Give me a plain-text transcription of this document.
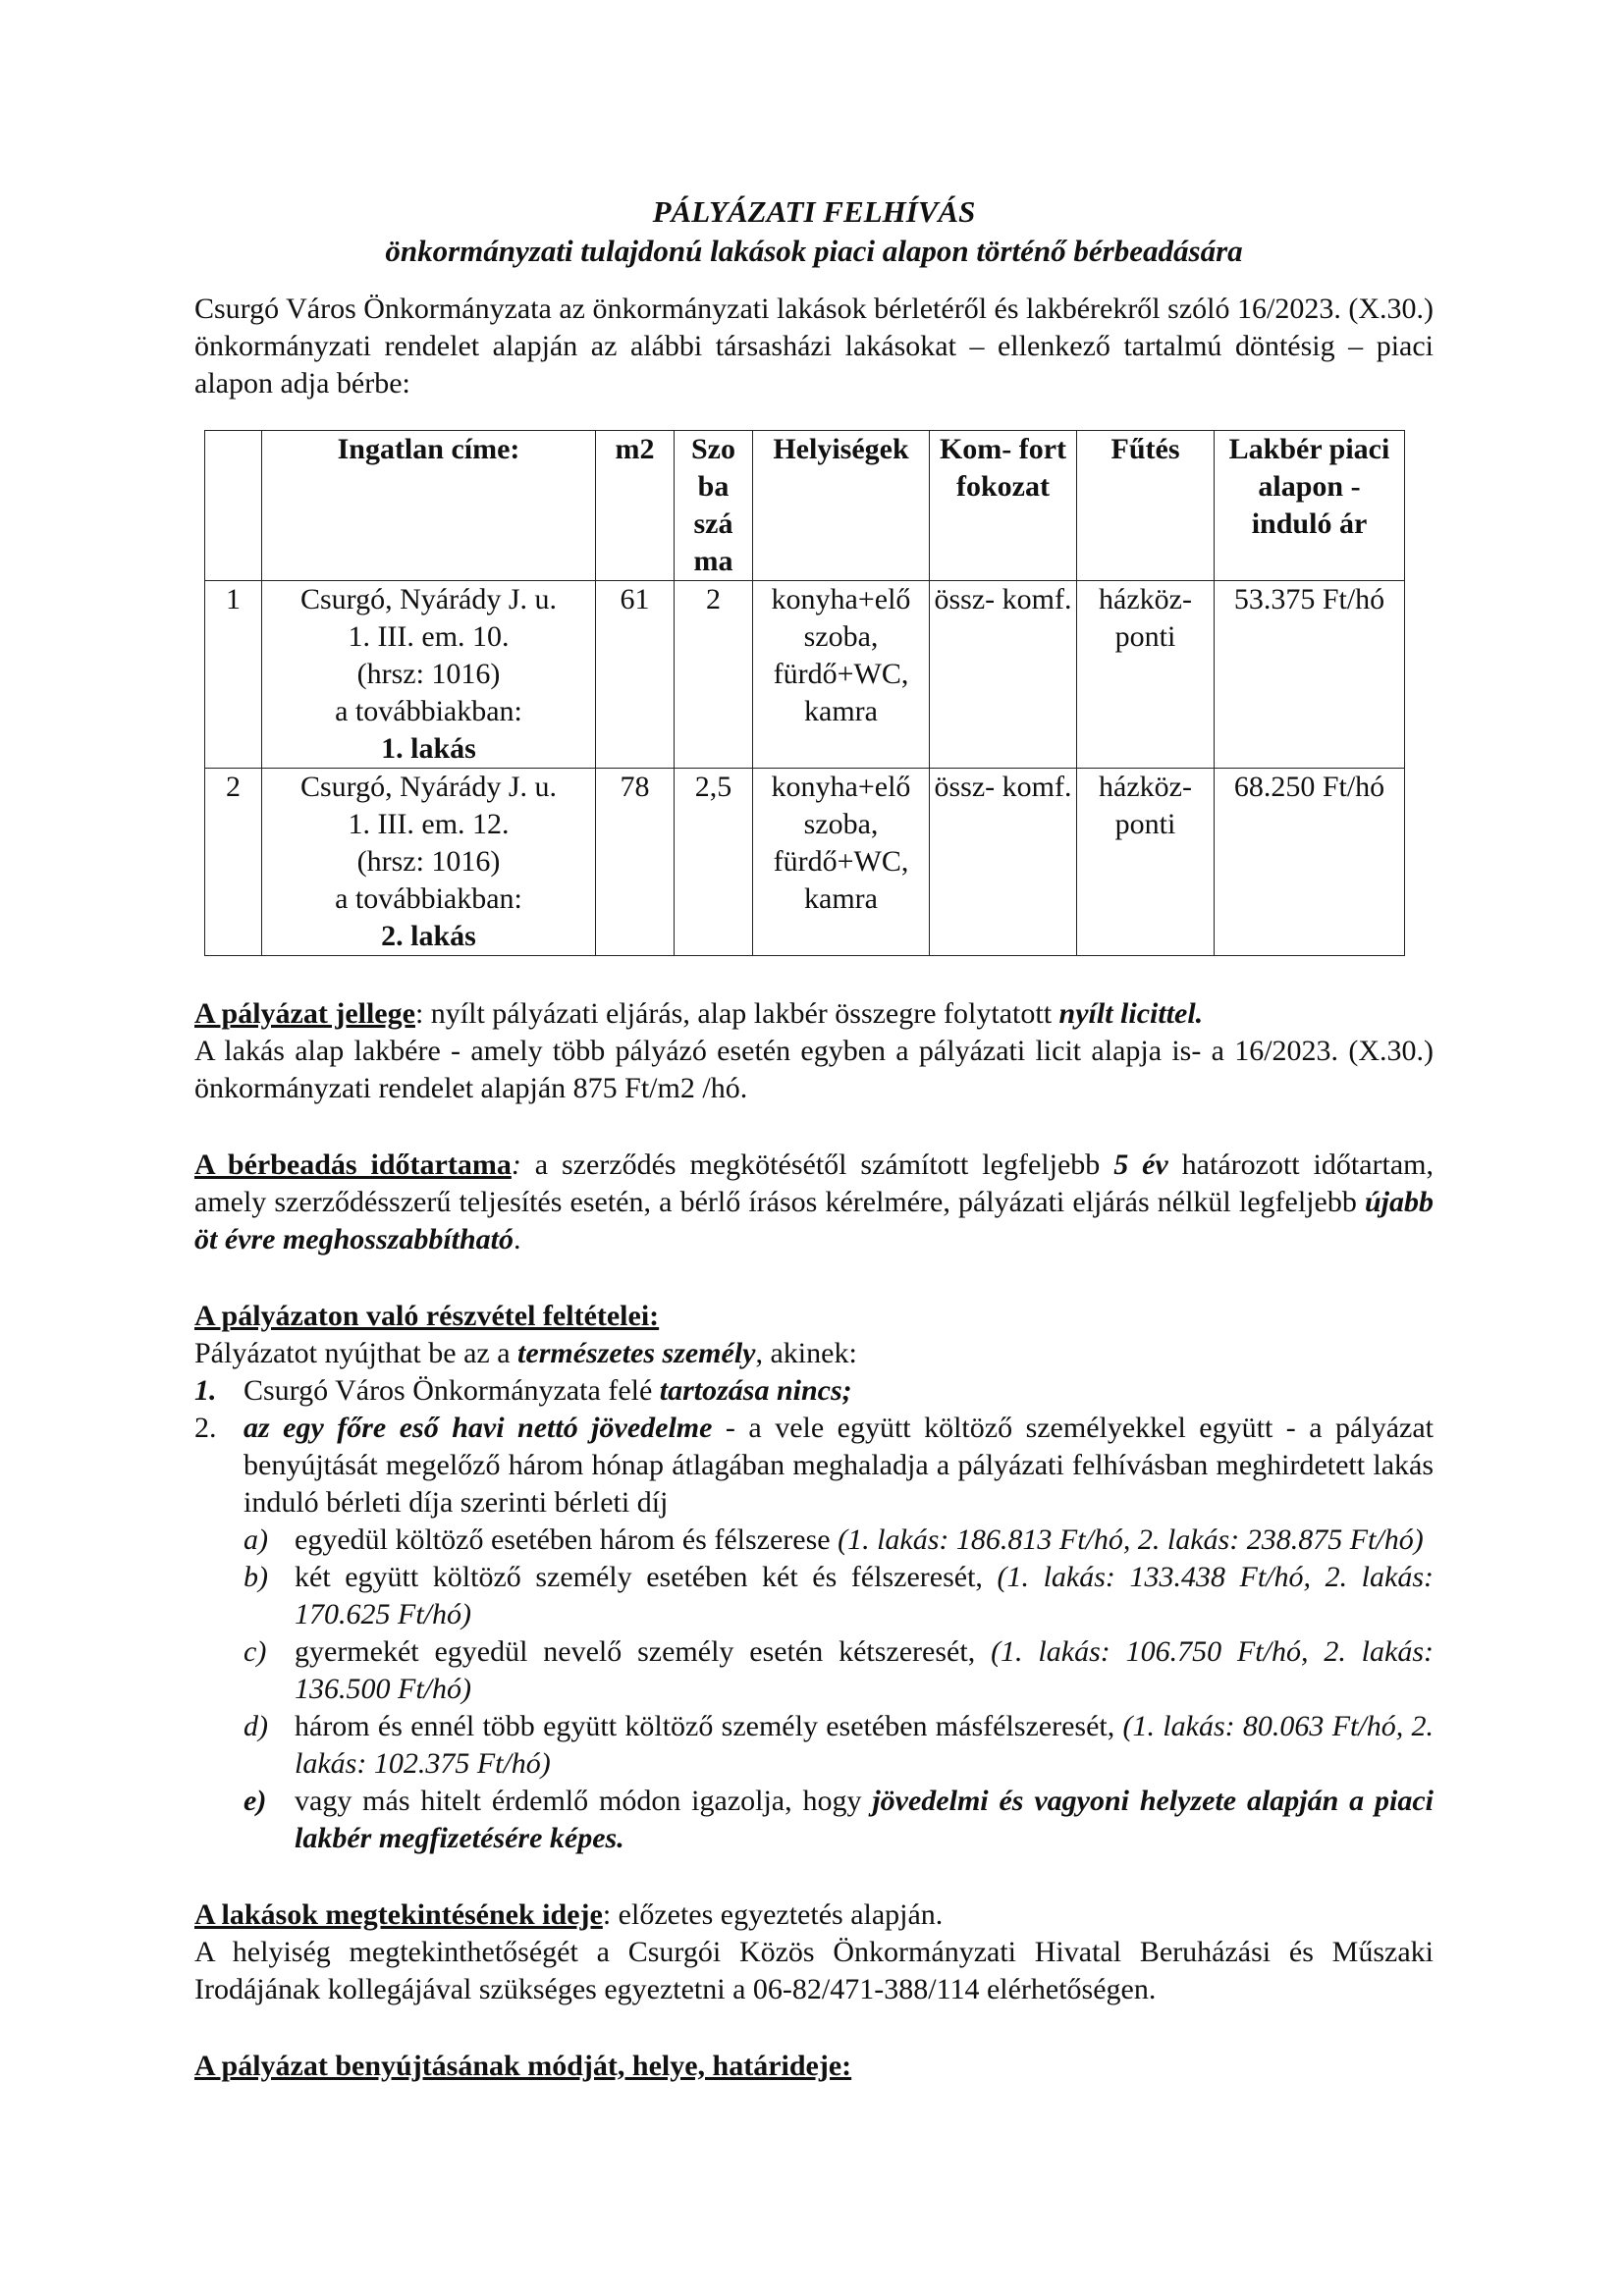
PÁLYÁZATI FELHÍVÁS
önkormányzati tulajdonú lakások piaci alapon történő bérbeadására

Csurgó Város Önkormányzata az önkormányzati lakások bérletéről és lakbérekről szóló 16/2023. (X.30.) önkormányzati rendelet alapján az alábbi társasházi lakásokat – ellenkező tartalmú döntésig – piaci alapon adja bérbe:

	Ingatlan címe:	m2	Szo ba szá ma	Helyiségek	Kom- fort fokozat	Fűtés	Lakbér piaci alapon - induló ár
1	Csurgó, Nyárády J. u.
1. III. em. 10.
(hrsz: 1016)
a továbbiakban:
1. lakás	61	2	konyha+elő szoba, fürdő+WC, kamra	össz- komf.	házköz- ponti	53.375 Ft/hó
2	Csurgó, Nyárády J. u.
1. III. em. 12.
(hrsz: 1016)
a továbbiakban:
2. lakás	78	2,5	konyha+elő szoba, fürdő+WC, kamra	össz- komf.	házköz- ponti	68.250 Ft/hó

A pályázat jellege: nyílt pályázati eljárás, alap lakbér összegre folytatott nyílt licittel.

A lakás alap lakbére - amely több pályázó esetén egyben a pályázati licit alapja is- a 16/2023. (X.30.) önkormányzati rendelet alapján 875 Ft/m2 /hó.

A bérbeadás időtartama: a szerződés megkötésétől számított legfeljebb 5 év határozott időtartam, amely szerződésszerű teljesítés esetén, a bérlő írásos kérelmére, pályázati eljárás nélkül legfeljebb újabb öt évre meghosszabbítható.

A pályázaton való részvétel feltételei:

Pályázatot nyújthat be az a természetes személy, akinek:

1. Csurgó Város Önkormányzata felé tartozása nincs;
2. az egy főre eső havi nettó jövedelme - a vele együtt költöző személyekkel együtt - a pályázat benyújtását megelőző három hónap átlagában meghaladja a pályázati felhívásban meghirdetett lakás induló bérleti díja szerinti bérleti díj
a) egyedül költöző esetében három és félszerese (1. lakás: 186.813 Ft/hó, 2. lakás: 238.875 Ft/hó)
b) két együtt költöző személy esetében két és félszeresét, (1. lakás: 133.438 Ft/hó, 2. lakás: 170.625 Ft/hó)
c) gyermekét egyedül nevelő személy esetén kétszeresét, (1. lakás: 106.750 Ft/hó, 2. lakás: 136.500 Ft/hó)
d) három és ennél több együtt költöző személy esetében másfélszeresét, (1. lakás: 80.063 Ft/hó, 2. lakás: 102.375 Ft/hó)
e) vagy más hitelt érdemlő módon igazolja, hogy jövedelmi és vagyoni helyzete alapján a piaci lakbér megfizetésére képes.

A lakások megtekintésének ideje: előzetes egyeztetés alapján.

A helyiség megtekinthetőségét a Csurgói Közös Önkormányzati Hivatal Beruházási és Műszaki Irodájának kollegájával szükséges egyeztetni a 06-82/471-388/114 elérhetőségen.

A pályázat benyújtásának módját, helye, határideje:
